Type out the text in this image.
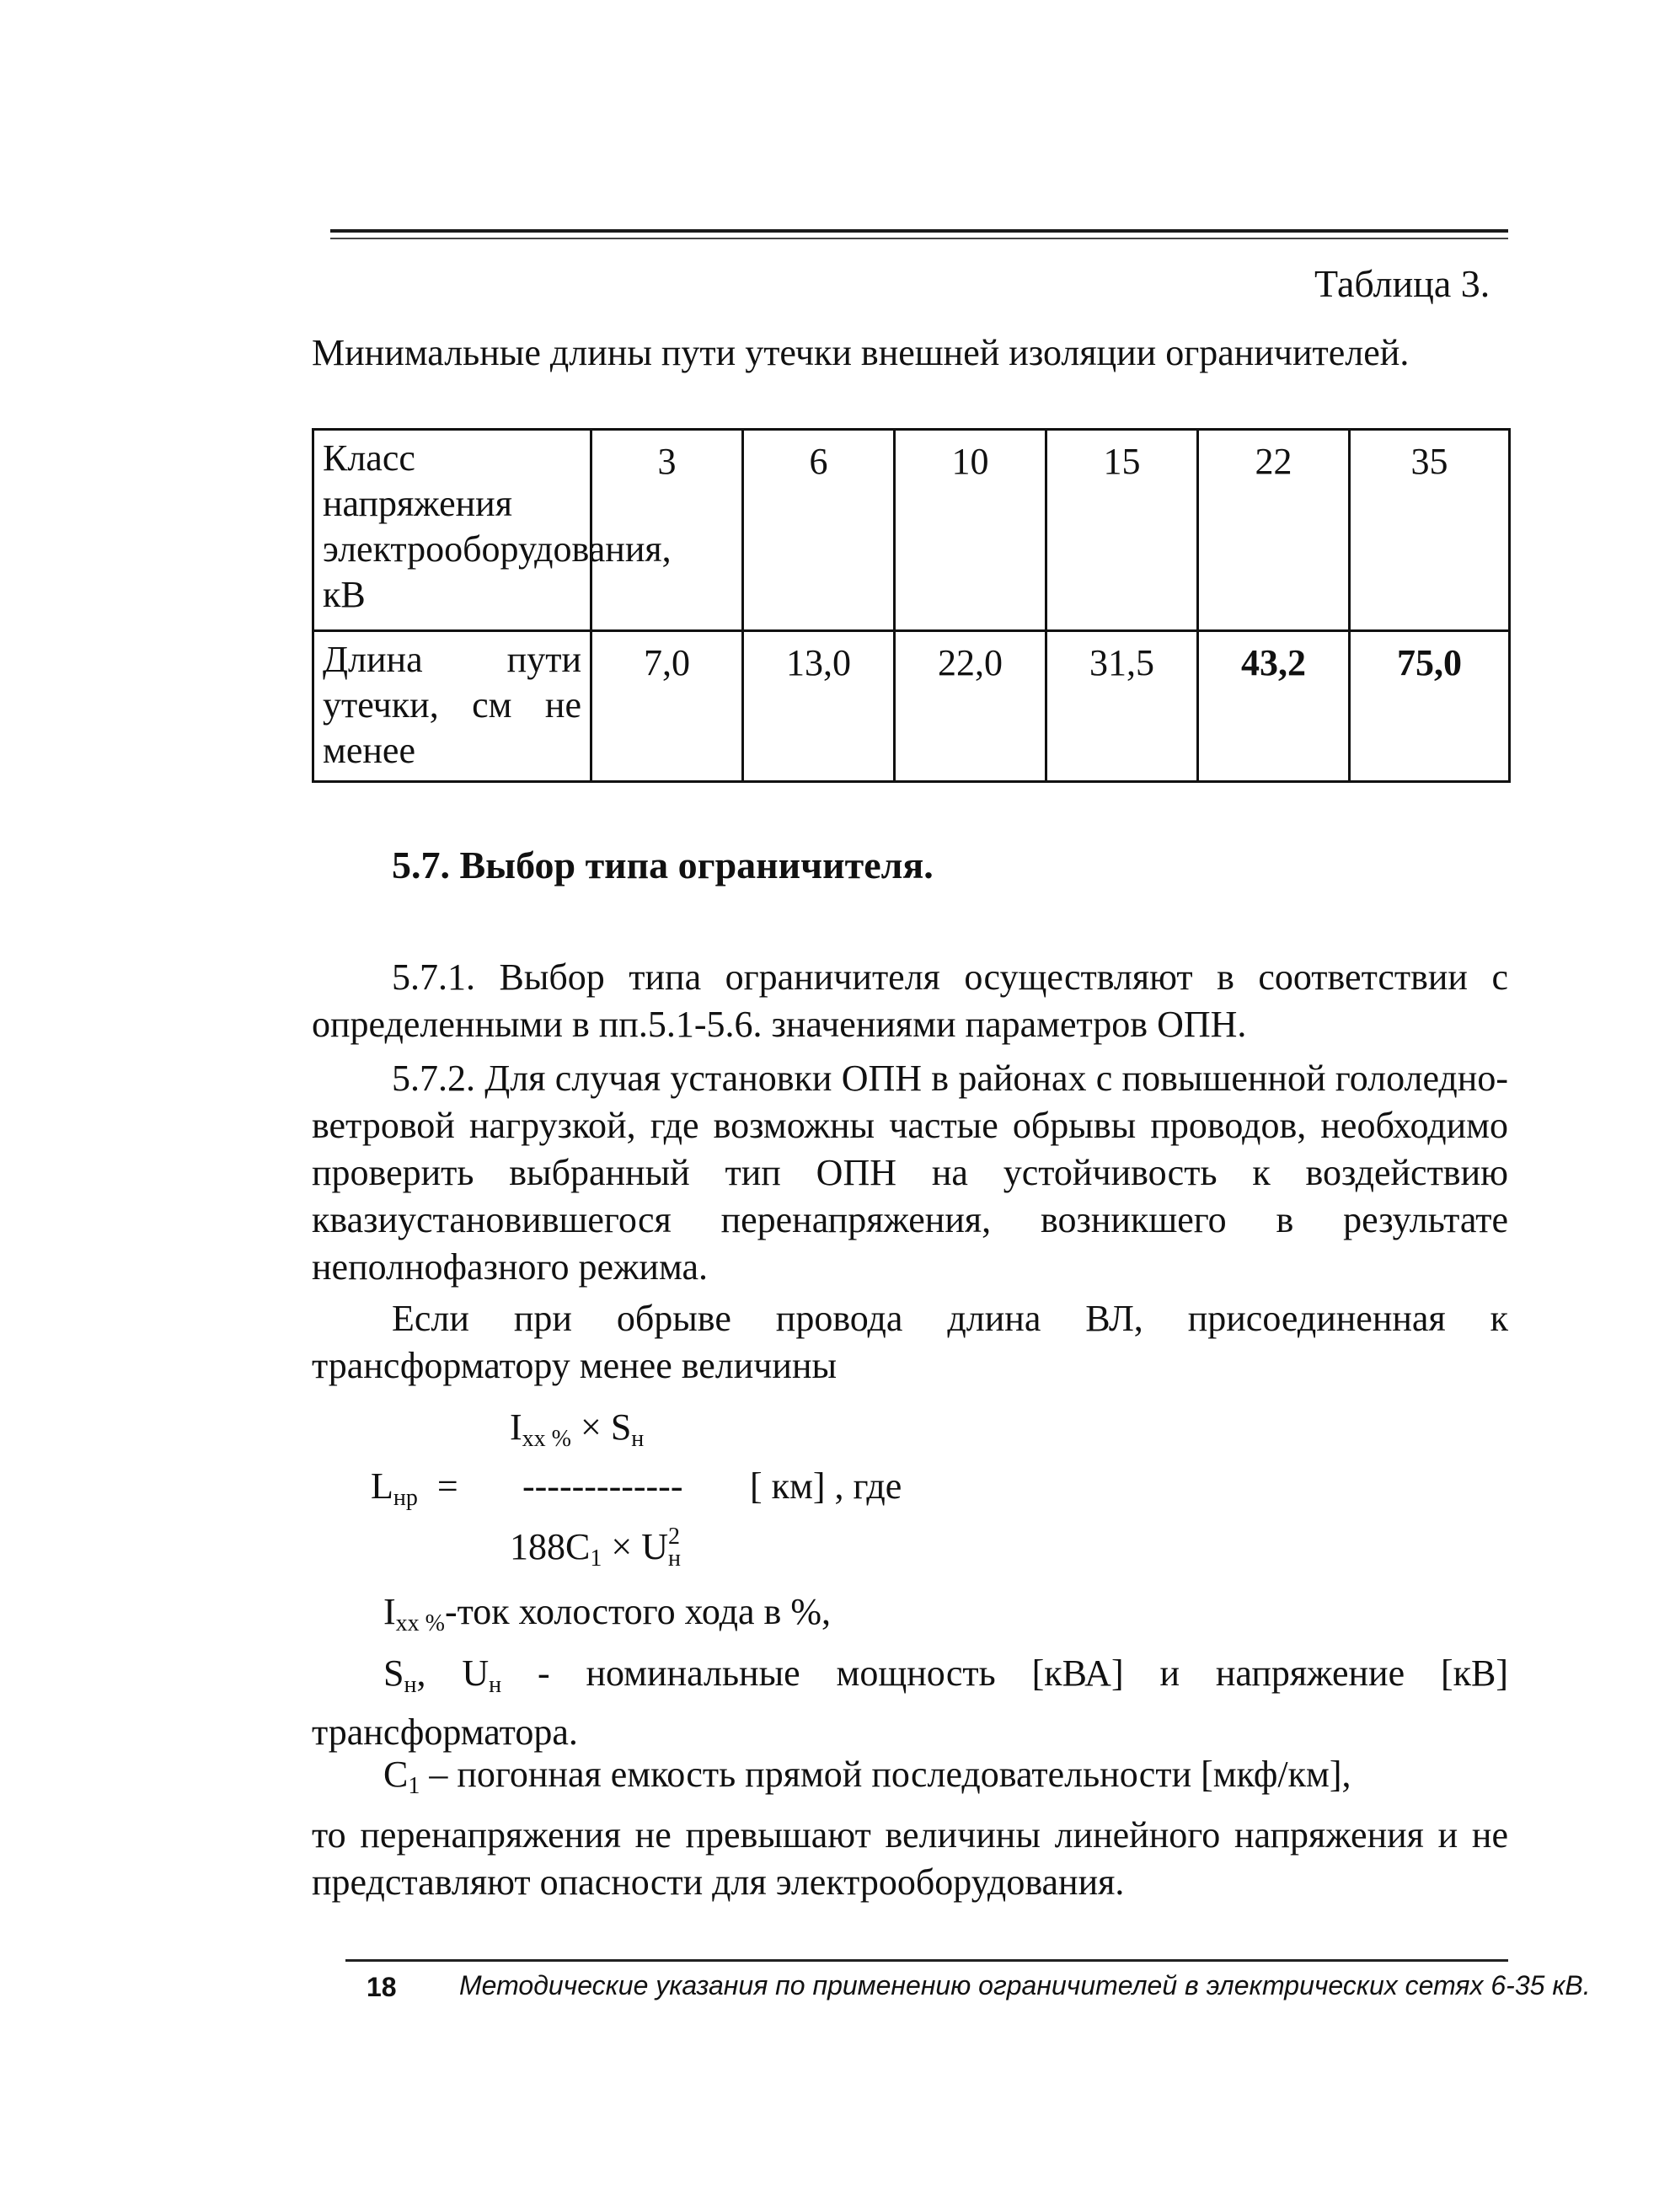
Таблица 3.
Минимальные длины пути утечки внешней изоляции ограничителей.
Класс напряжения электрооборудования, кВ	3	6	10	15	22	35
Длина пути утечки, см не менее	7,0	13,0	22,0	31,5	43,2	75,0
5.7. Выбор типа ограничителя.
5.7.1. Выбор типа ограничителя осуществляют в соответствии с определенными в пп.5.1-5.6. значениями параметров ОПН.
5.7.2. Для случая установки ОПН в районах с повышенной гололедно-ветровой нагрузкой, где возможны частые обрывы проводов, необходимо проверить выбранный тип ОПН на устойчивость к воздействию квазиустановившегося перенапряжения, возникшего в результате неполнофазного режима.
Если при обрыве провода длина ВЛ, присоединенная к трансформатору менее величины
$I_{хх \%} \times S_н$
$L_{нр}$ = ------------- [ км] , где
$188C_1 \times U^2_н$
$I_{хх \%}$-ток холостого хода в %,
$S_н$, $U_н$ - номинальные мощность [кВА] и напряжение [кВ] трансформатора.
$C_1$ – погонная емкость прямой последовательности [мкф/км],
то перенапряжения не превышают величины линейного напряжения и не представляют опасности для электрооборудования.
18 Методические указания по применению ограничителей в электрических сетях 6-35 кВ.
